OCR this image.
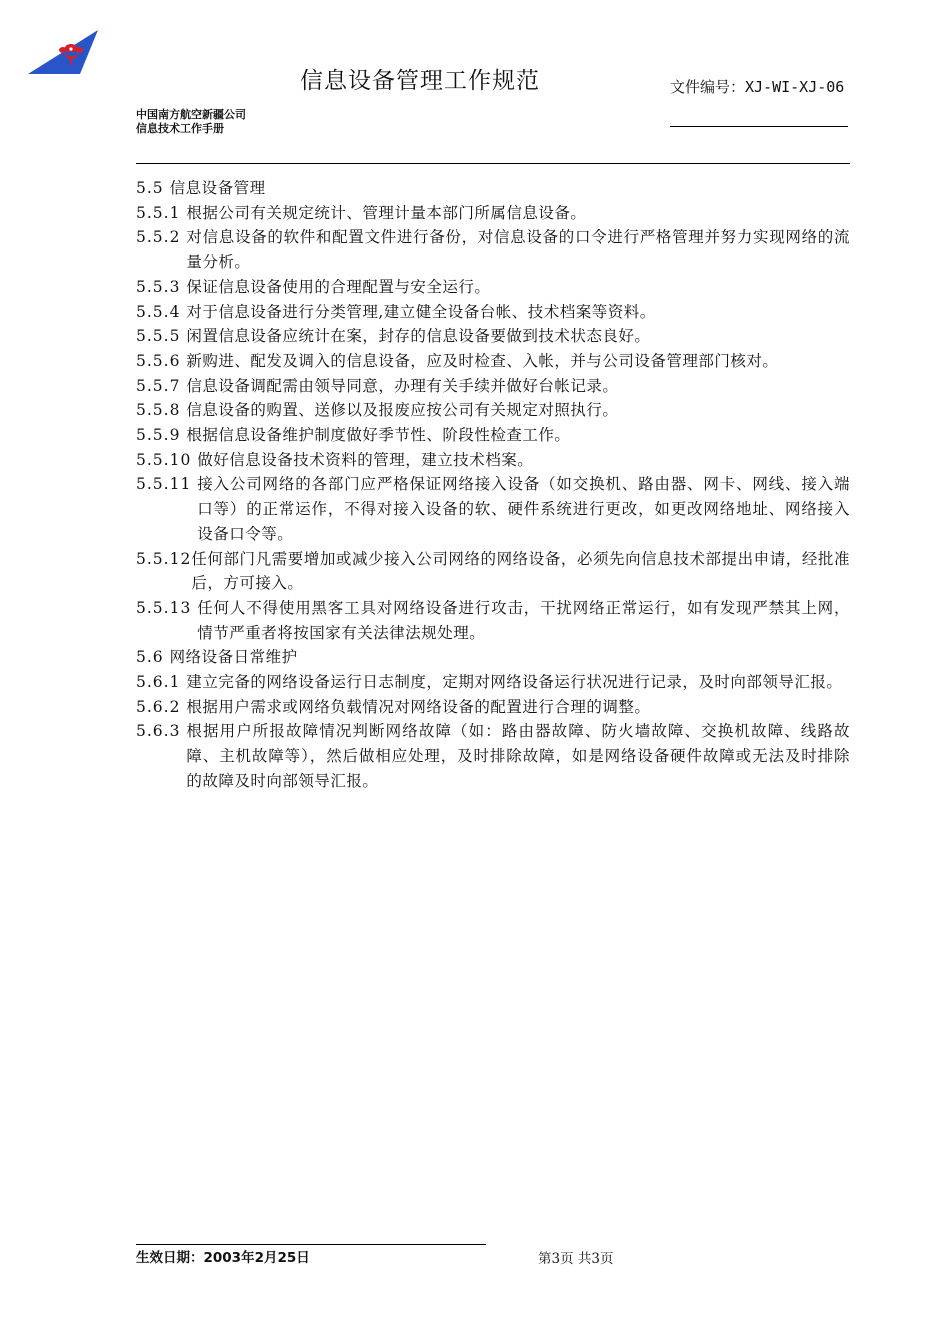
信息设备管理工作规范	文件编号：XJ-WI-XJ-06
中国南方航空新疆公司
信息技术工作手册
5.5 信息设备管理
5.5.1 根据公司有关规定统计、管理计量本部门所属信息设备。
5.5.2 对信息设备的软件和配置文件进行备份，对信息设备的口令进行严格管理并努力实现网络的流量分析。
5.5.3 保证信息设备使用的合理配置与安全运行。
5.5.4 对于信息设备进行分类管理,建立健全设备台帐、技术档案等资料。
5.5.5 闲置信息设备应统计在案，封存的信息设备要做到技术状态良好。
5.5.6 新购进、配发及调入的信息设备，应及时检查、入帐，并与公司设备管理部门核对。
5.5.7 信息设备调配需由领导同意，办理有关手续并做好台帐记录。
5.5.8 信息设备的购置、送修以及报废应按公司有关规定对照执行。
5.5.9 根据信息设备维护制度做好季节性、阶段性检查工作。
5.5.10 做好信息设备技术资料的管理，建立技术档案。
5.5.11 接入公司网络的各部门应严格保证网络接入设备（如交换机、路由器、网卡、网线、接入端口等）的正常运作，不得对接入设备的软、硬件系统进行更改，如更改网络地址、网络接入设备口令等。
5.5.12 任何部门凡需要增加或减少接入公司网络的网络设备，必须先向信息技术部提出申请，经批准后，方可接入。
5.5.13 任何人不得使用黑客工具对网络设备进行攻击，干扰网络正常运行，如有发现严禁其上网，情节严重者将按国家有关法律法规处理。
5.6 网络设备日常维护
5.6.1 建立完备的网络设备运行日志制度，定期对网络设备运行状况进行记录，及时向部领导汇报。
5.6.2 根据用户需求或网络负载情况对网络设备的配置进行合理的调整。
5.6.3 根据用户所报故障情况判断网络故障（如：路由器故障、防火墙故障、交换机故障、线路故障、主机故障等），然后做相应处理，及时排除故障，如是网络设备硬件故障或无法及时排除的故障及时向部领导汇报。
生效日期：2003年2月25日	第3页 共3页
